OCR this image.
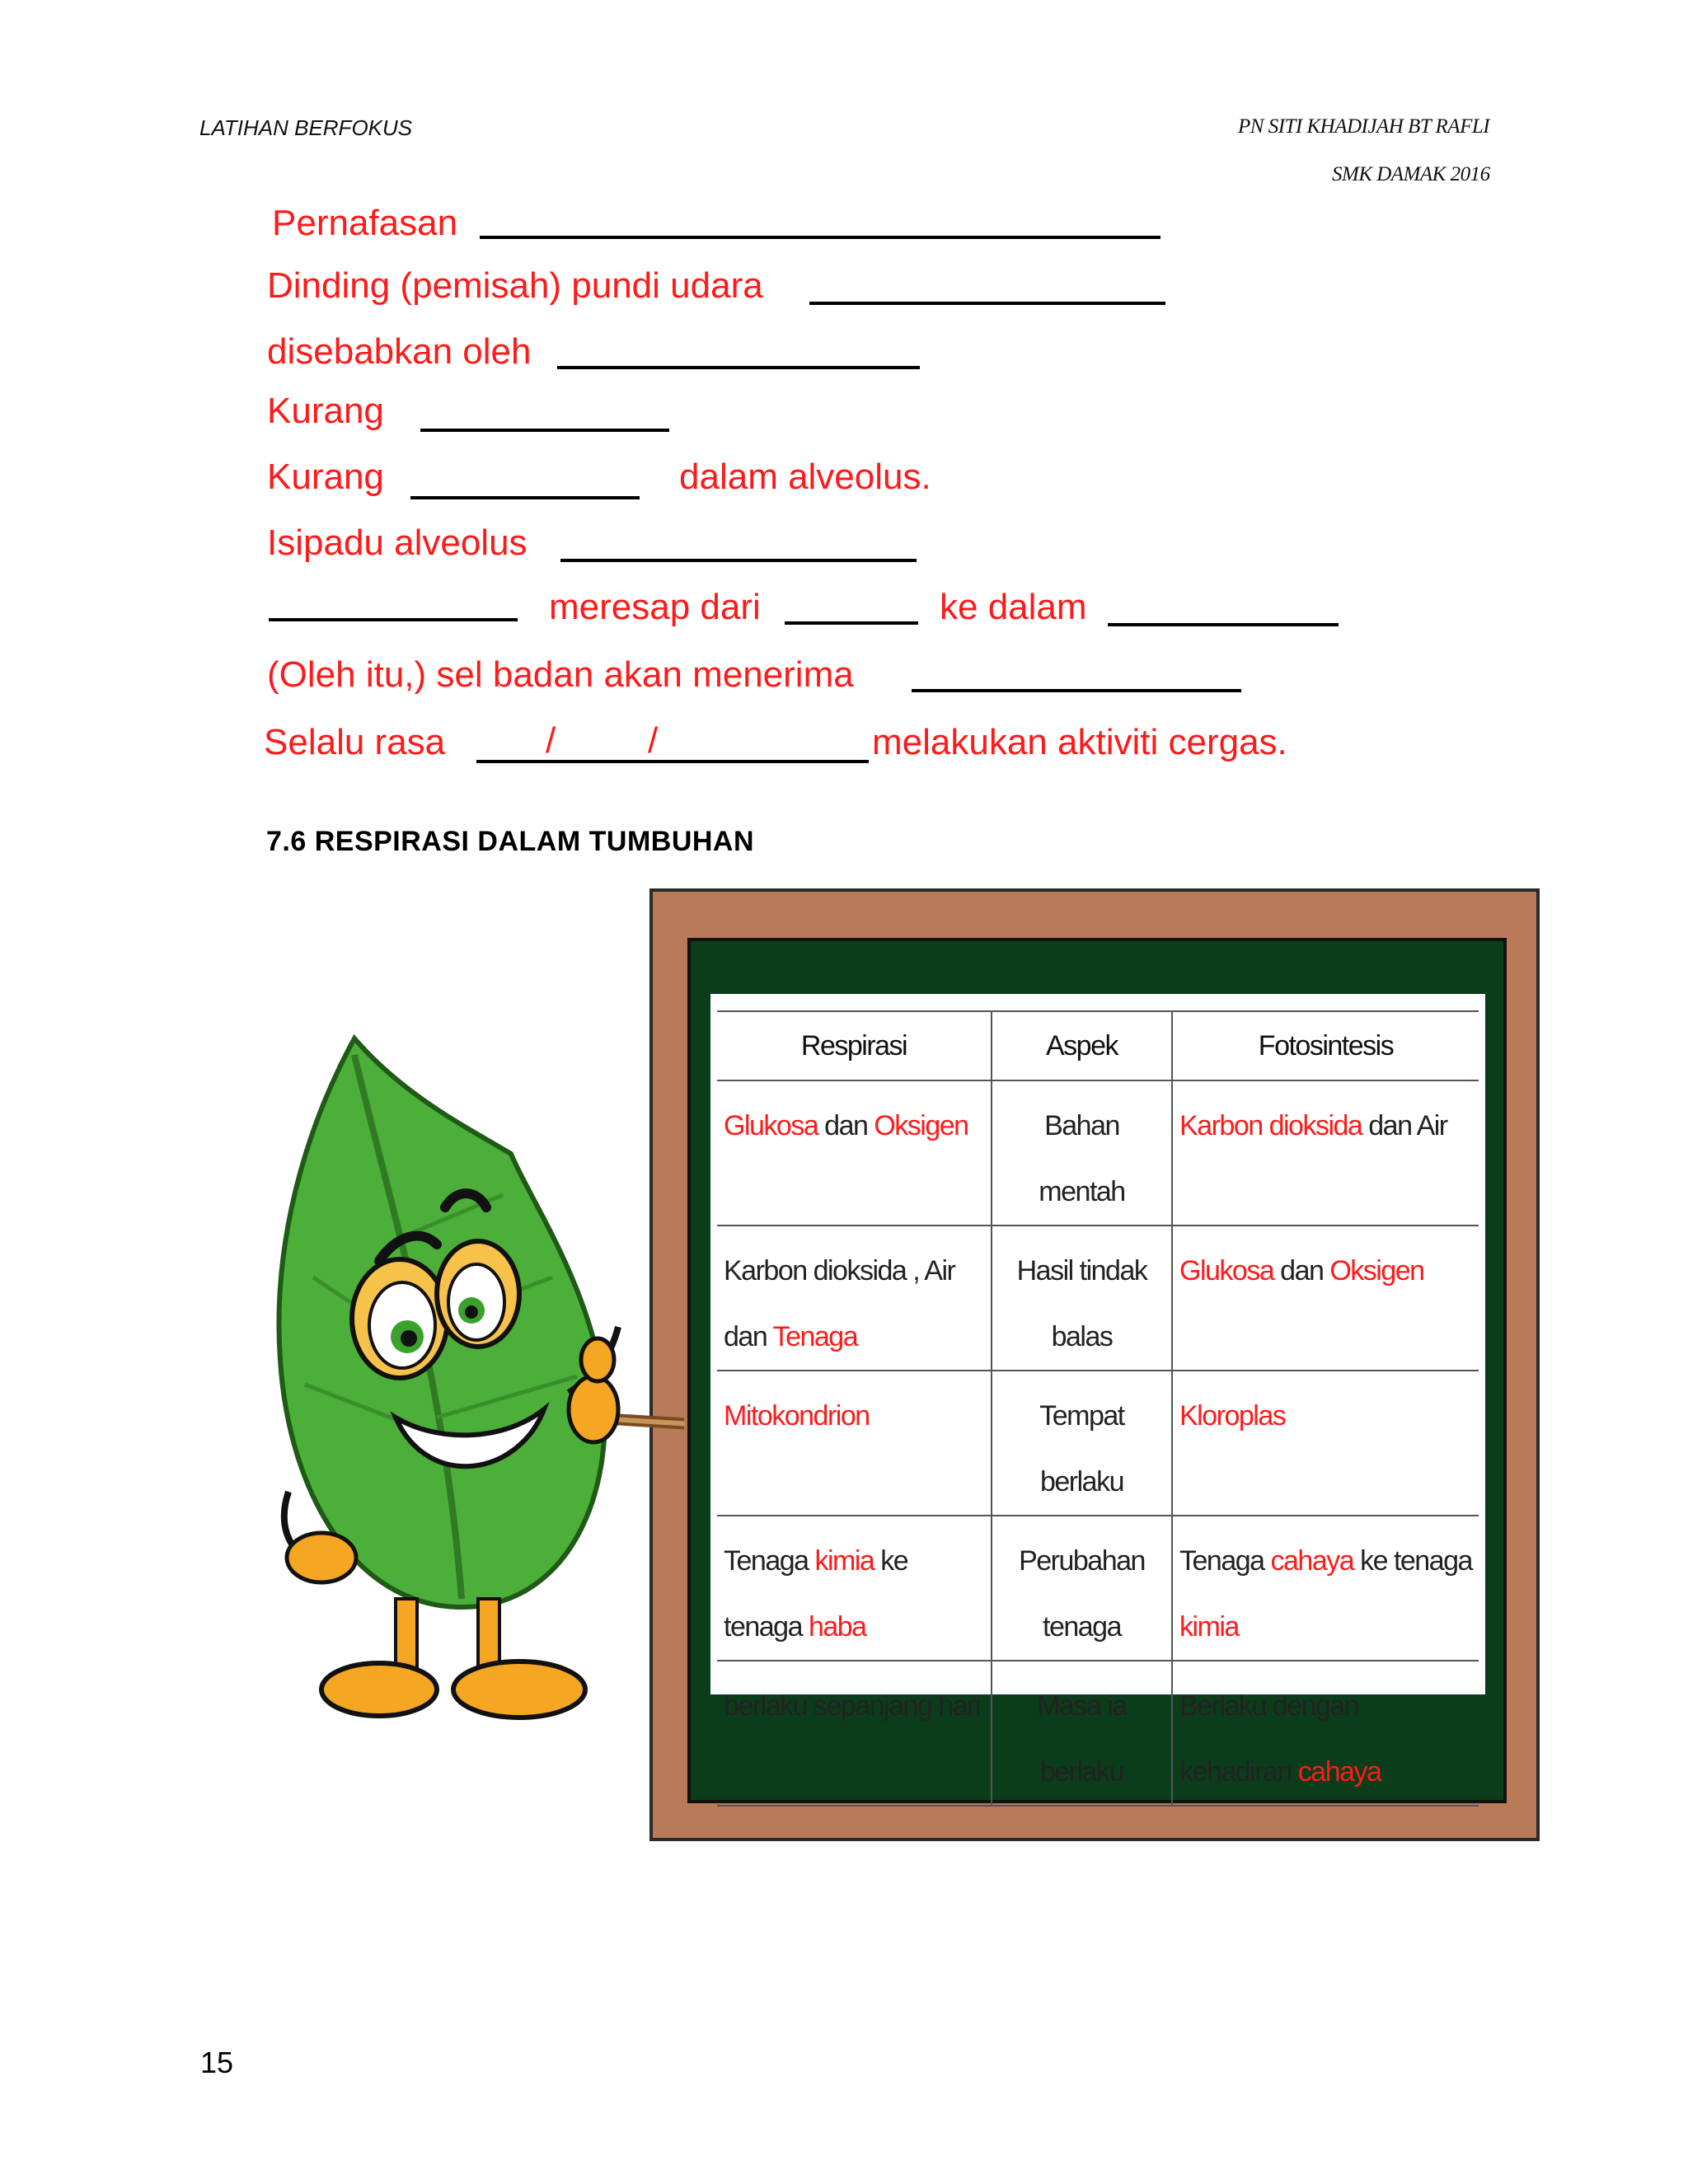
LATIHAN BERFOKUS	PN SITI KHADIJAH BT RAFLI
SMK DAMAK 2016
Pernafasan
Dinding (pemisah) pundi udara
disebabkan oleh
Kurang
Kurang	dalam alveolus.
Isipadu alveolus
meresap dari	ke dalam
(Oleh itu,) sel badan akan menerima
Selalu rasa	/	/	melakukan aktiviti cergas.
7.6 RESPIRASI DALAM TUMBUHAN
Respirasi	Aspek	Fotosintesis
Glukosa dan Oksigen	Bahan mentah	Karbon dioksida dan Air
Karbon dioksida , Air dan Tenaga	Hasil tindak balas	Glukosa dan Oksigen
Mitokondrion	Tempat berlaku	Kloroplas
Tenaga kimia ke tenaga haba	Perubahan tenaga	Tenaga cahaya ke tenaga kimia
berlaku sepanjang hari	Masa ia berlaku	Berlaku dengan kehadiran cahaya
15
